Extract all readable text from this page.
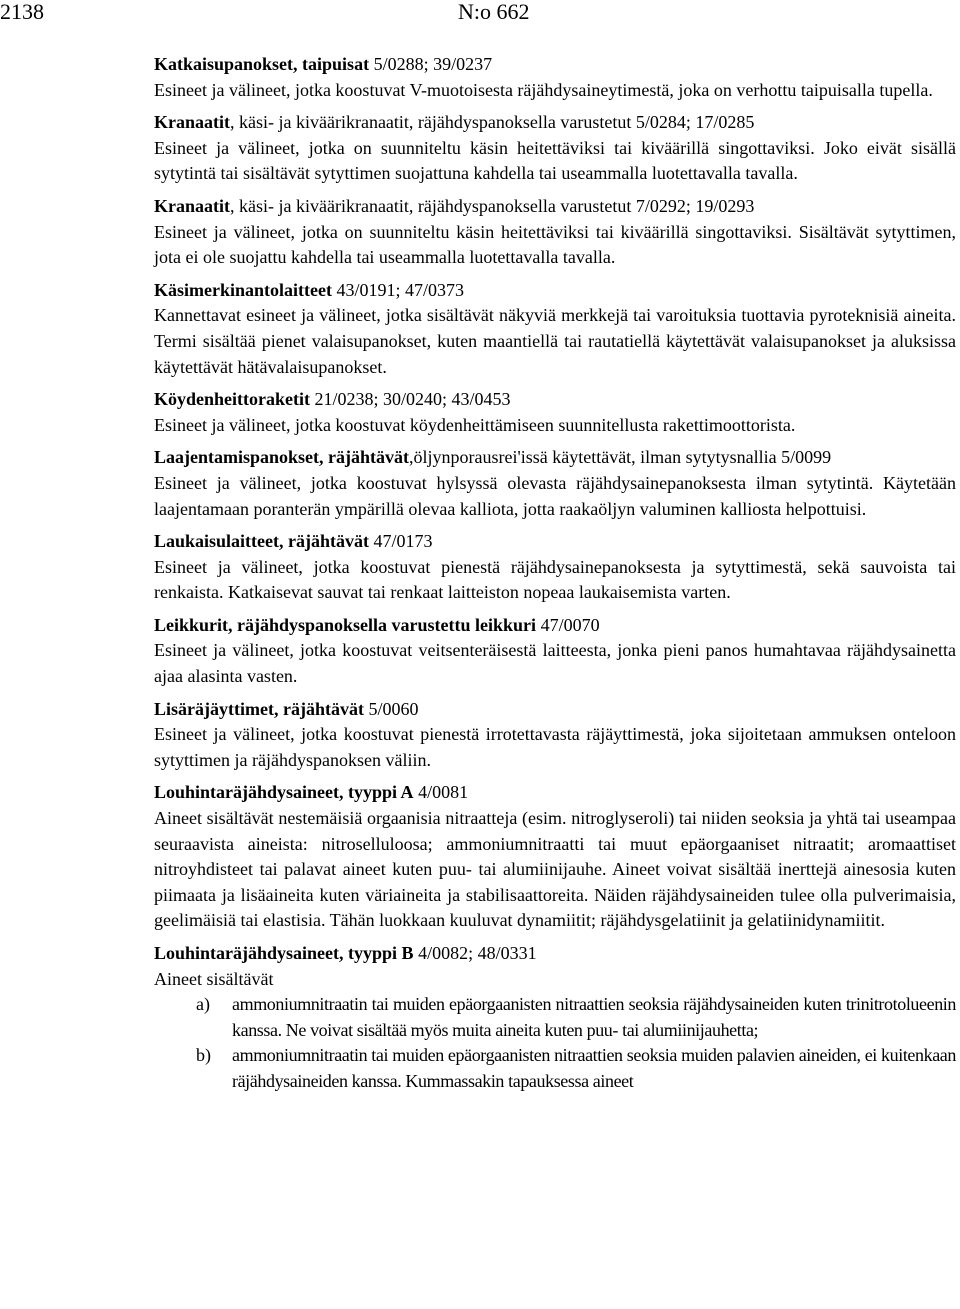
2138	N:o 662
Katkaisupanokset, taipuisat 5/0288; 39/0237
Esineet ja välineet, jotka koostuvat V-muotoisesta räjähdysaineytimestä, joka on verhottu taipuisalla tupella.
Kranaatit, käsi- ja kiväärikranaatit, räjähdyspanoksella varustetut 5/0284; 17/0285
Esineet ja välineet, jotka on suunniteltu käsin heitettäviksi tai kiväärillä singottaviksi. Joko eivät sisällä sytytintä tai sisältävät sytyttimen suojattuna kahdella tai useammalla luotettavalla tavalla.
Kranaatit, käsi- ja kiväärikranaatit, räjähdyspanoksella varustetut 7/0292; 19/0293
Esineet ja välineet, jotka on suunniteltu käsin heitettäviksi tai kiväärillä singottaviksi. Sisältävät sytyttimen, jota ei ole suojattu kahdella tai useammalla luotettavalla tavalla.
Käsimerkinantolaitteet 43/0191; 47/0373
Kannettavat esineet ja välineet, jotka sisältävät näkyviä merkkejä tai varoituksia tuottavia pyroteknisiä aineita. Termi sisältää pienet valaisupanokset, kuten maantiellä tai rautatiellä käytettävät valaisupanokset ja aluksissa käytettävät hätävalaisupanokset.
Köydenheittoraketit 21/0238; 30/0240; 43/0453
Esineet ja välineet, jotka koostuvat köydenheittämiseen suunnitellusta rakettimoottorista.
Laajentamispanokset, räjähtävät,öljynporausrei'issä käytettävät, ilman sytytysnallia 5/0099
Esineet ja välineet, jotka koostuvat hylsyssä olevasta räjähdysainepanoksesta ilman sytytintä. Käytetään laajentamaan poranterän ympärillä olevaa kalliota, jotta raakaöljyn valuminen kalliosta helpottuisi.
Laukaisulaitteet, räjähtävät 47/0173
Esineet ja välineet, jotka koostuvat pienestä räjähdysainepanoksesta ja sytyttimestä, sekä sauvoista tai renkaista. Katkaisevat sauvat tai renkaat laitteiston nopeaa laukaisemista varten.
Leikkurit, räjähdyspanoksella varustettu leikkuri 47/0070
Esineet ja välineet, jotka koostuvat veitsenteräisestä laitteesta, jonka pieni panos humahtavaa räjähdysainetta ajaa alasinta vasten.
Lisäräjäyttimet, räjähtävät 5/0060
Esineet ja välineet, jotka koostuvat pienestä irrotettavasta räjäyttimestä, joka sijoitetaan ammuksen onteloon sytyttimen ja räjähdyspanoksen väliin.
Louhintaräjähdysaineet, tyyppi A 4/0081
Aineet sisältävät nestemäisiä orgaanisia nitraatteja (esim. nitroglyseroli) tai niiden seoksia ja yhtä tai useampaa seuraavista aineista: nitroselluloosa; ammoniumnitraatti tai muut epäorgaaniset nitraatit; aromaattiset nitroyhdisteet tai palavat aineet kuten puu- tai alumiinijauhe. Aineet voivat sisältää inerttejä ainesosia kuten piimaata ja lisäaineita kuten väriaineita ja stabilisaattoreita. Näiden räjähdysaineiden tulee olla pulverimaisia, geelimäisiä tai elastisia. Tähän luokkaan kuuluvat dynamiitit; räjähdysgelatiinit ja gelatiinidynamiitit.
Louhintaräjähdysaineet, tyyppi B 4/0082; 48/0331
Aineet sisältävät
a)	ammoniumnitraatin tai muiden epäorgaanisten nitraattien seoksia räjähdysaineiden kuten trinitrotolueenin kanssa. Ne voivat sisältää myös muita aineita kuten puu- tai alumiinijauhetta;
b)	ammoniumnitraatin tai muiden epäorgaanisten nitraattien seoksia muiden palavien aineiden, ei kuitenkaan räjähdysaineiden kanssa. Kummassakin tapauksessa aineet
